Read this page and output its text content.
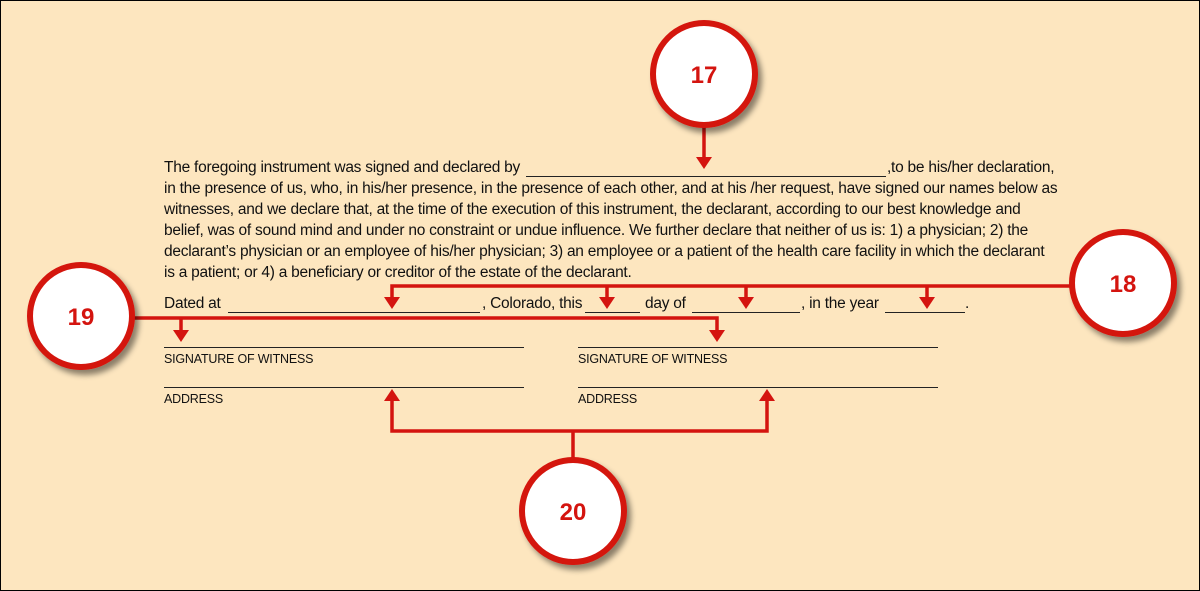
The foregoing instrument was signed and declared by	,to be his/her declaration,
in the presence of us, who, in his/her presence, in the presence of each other, and at his /her request, have signed our names below as
witnesses, and we declare that, at the time of the execution of this instrument, the declarant, according to our best knowledge and
belief, was of sound mind and under no constraint or undue influence. We further declare that neither of us is: 1) a physician; 2) the
declarant’s physician or an employee of his/her physician; 3) an employee or a patient of the health care facility in which the declarant
is a patient; or 4) a beneficiary or creditor of the estate of the declarant.
Dated at	, Colorado, this	day of	, in the year	.
SIGNATURE OF WITNESS
ADDRESS
SIGNATURE OF WITNESS
ADDRESS
17
18
19
20
